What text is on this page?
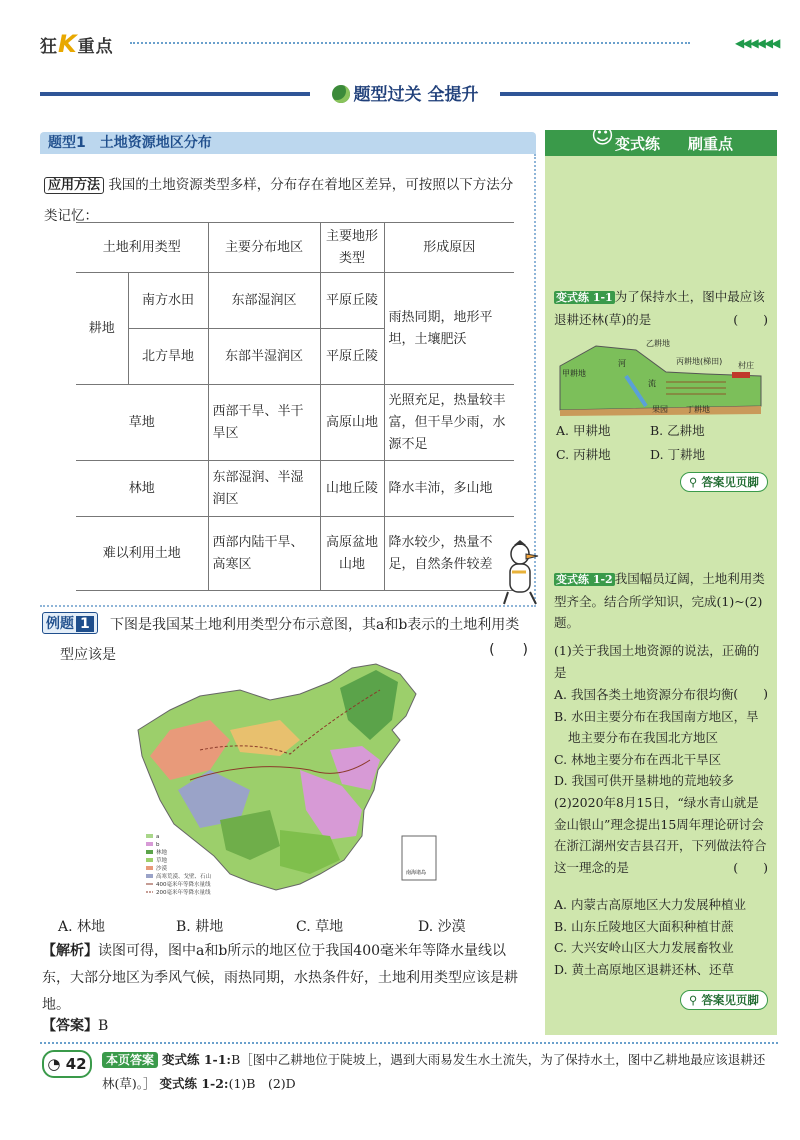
狂K重点	◀◀◀◀◀◀
题型过关 全提升
题型1　土地资源地区分布
应用方法 我国的土地资源类型多样，分布存在着地区差异，可按照以下方法分类记忆：
土地利用类型		主要分布地区	主要地形类型	形成原因
耕地	南方水田	东部湿润区	平原丘陵	雨热同期，地形平坦，土壤肥沃
	北方旱地	东部半湿润区	平原丘陵	
草地		西部干旱、半干旱区	高原山地	光照充足，热量较丰富，但干旱少雨，水源不足
林地		东部湿润、半湿润区	山地丘陵	降水丰沛，多山地
难以利用土地		西部内陆干旱、高寒区	高原盆地山地	降水较少，热量不足，自然条件较差
下图是我国某土地利用类型分布示意图，其a和b表示的土地利用类型应该是
例题 1
(　　)
南海诸岛
a
b
林地
草地
沙漠
高寒荒漠、戈壁、石山
400毫米年等降水量线
200毫米年等降水量线
A. 林地	B. 耕地	C. 草地	D. 沙漠
【解析】读图可得，图中a和b所示的地区位于我国400毫米年等降水量线以东，大部分地区为季风气候，雨热同期，水热条件好，土地利用类型应该是耕地。
【答案】B
☺ 变式练 刷重点
变式练 1-1 为了保持水土，图中最应该退耕还林(草)的是	(　　)
乙耕地
丙耕地(梯田) 村庄
甲耕地
河
流
果园 丁耕地
A. 甲耕地	B. 乙耕地
C. 丙耕地	D. 丁耕地
⚲ 答案见页脚
变式练 1-2 我国幅员辽阔，土地利用类型齐全。结合所学知识，完成(1)~(2)题。
(1)关于我国土地资源的说法，正确的是
(　　)
A. 我国各类土地资源分布很均衡
B. 水田主要分布在我国南方地区，旱地主要分布在我国北方地区
C. 林地主要分布在西北干旱区
D. 我国可供开垦耕地的荒地较多
(2)2020年8月15日，“绿水青山就是金山银山”理念提出15周年理论研讨会在浙江湖州安吉县召开，下列做法符合这一理念的是	(　　)
A. 内蒙古高原地区大力发展种植业
B. 山东丘陵地区大面积种植甘蔗
C. 大兴安岭山区大力发展畜牧业
D. 黄土高原地区退耕还林、还草
⚲ 答案见页脚
◔ 42	本页答案 变式练 1-1:B［图中乙耕地位于陡坡上，遇到大雨易发生水土流失，为了保持水土，图中乙耕地最应该退耕还林(草)。］ 变式练 1-2:(1)B　(2)D
